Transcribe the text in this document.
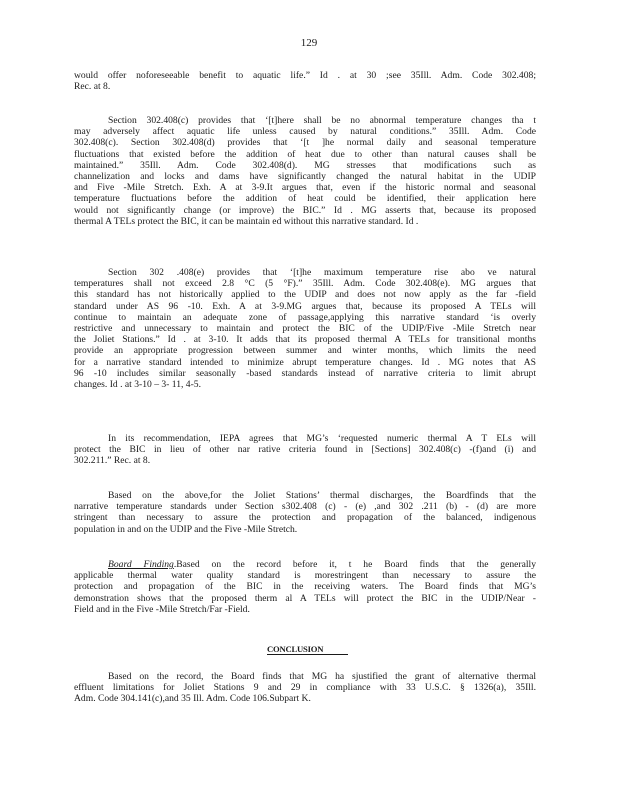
129
would offer noforeseeable benefit to aquatic life.” Id . at 30 ;see 35Ill. Adm. Code 302.408;
Rec. at 8.
Section 302.408(c) provides that ‘[t]here shall be no abnormal temperature changes tha t
may adversely affect aquatic life unless caused by natural conditions.” 35Ill. Adm. Code
302.408(c). Section 302.408(d) provides that ‘[t ]he normal daily and seasonal temperature
fluctuations that existed before the addition of heat due to other than natural causes shall be
maintained.” 35Ill. Adm. Code 302.408(d). MG stresses that modifications such as
channelization and locks and dams have significantly changed the natural habitat in the UDIP
and Five -Mile Stretch. Exh. A at 3-9.It argues that, even if the historic normal and seasonal
temperature fluctuations before the addition of heat could be identified, their application here
would not significantly change (or improve) the BIC.” Id . MG asserts that, because its proposed
thermal A TELs protect the BIC, it can be maintain ed without this narrative standard. Id .
Section 302 .408(e) provides that ‘[t]he maximum temperature rise abo ve natural
temperatures shall not exceed 2.8 °C (5 °F).” 35Ill. Adm. Code 302.408(e). MG argues that
this standard has not historically applied to the UDIP and does not now apply as the far -field
standard under AS 96 -10. Exh. A at 3-9.MG argues that, because its proposed A TELs will
continue to maintain an adequate zone of passage,applying this narrative standard ‘is overly
restrictive and unnecessary to maintain and protect the BIC of the UDIP/Five -Mile Stretch near
the Joliet Stations.” Id . at 3-10. It adds that its proposed thermal A TELs for transitional months
provide an appropriate progression between summer and winter months, which limits the need
for a narrative standard intended to minimize abrupt temperature changes. Id . MG notes that AS
96 -10 includes similar seasonally -based standards instead of narrative criteria to limit abrupt
changes. Id . at 3-10 – 3- 11, 4-5.
In its recommendation, IEPA agrees that MG’s ‘requested numeric thermal A T ELs will
protect the BIC in lieu of other nar rative criteria found in [Sections] 302.408(c) -(f)and (i) and
302.211.” Rec. at 8.
Based on the above,for the Joliet Stations’ thermal discharges, the Boardfinds that the
narrative temperature standards under Section s302.408 (c) - (e) ,and 302 .211 (b) - (d) are more
stringent than necessary to assure the protection and propagation of the balanced, indigenous
population in and on the UDIP and the Five -Mile Stretch.
Board Finding.Based on the record before it, t he Board finds that the generally
applicable thermal water quality standard is morestringent than necessary to assure the
protection and propagation of the BIC in the receiving waters. The Board finds that MG’s
demonstration shows that the proposed therm al A TELs will protect the BIC in the UDIP/Near -
Field and in the Five -Mile Stretch/Far -Field.
CONCLUSION
Based on the record, the Board finds that MG ha sjustified the grant of alternative thermal
effluent limitations for Joliet Stations 9 and 29 in compliance with 33 U.S.C. § 1326(a), 35Ill.
Adm. Code 304.141(c),and 35 Ill. Adm. Code 106.Subpart K.
